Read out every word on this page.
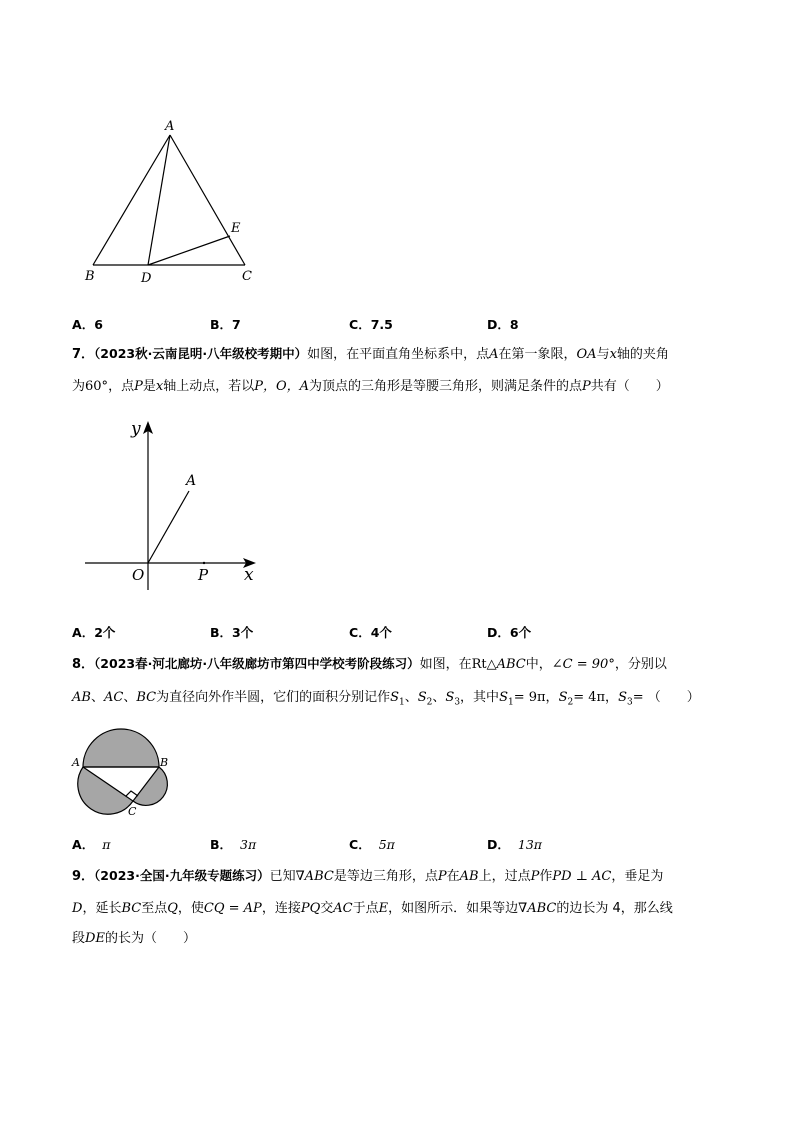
A
B	C
D
E
A．6	B．7	C．7.5	D．8
7．（2023秋·云南昆明·八年级校考期中）如图，在平面直角坐标系中，点A在第一象限，OA与x轴的夹角
为60°，点P是x轴上动点，若以P，O，A为顶点的三角形是等腰三角形，则满足条件的点P共有（　　）
y
x
O
A
P
A．2个	B．3个	C．4个	D．6个
8．（2023春·河北廊坊·八年级廊坊市第四中学校考阶段练习）如图，在Rt△ABC中，∠C = 90°，分别以
AB、AC、BC为直径向外作半圆，它们的面积分别记作$S_1$、$S_2$、$S_3$，其中$S_1= 9\pi$，$S_2= 4\pi$，$S_3=$ （　　）
A	B
C
A． π	B． 3π	C． 5π	D． 13π
9．（2023·全国·九年级专题练习）已知∇ABC是等边三角形，点P在AB上，过点P作PD ⊥ AC，垂足为
D，延长BC至点Q，使CQ = AP，连接PQ交AC于点E，如图所示．如果等边∇ABC的边长为 4，那么线
段DE的长为（　　）
